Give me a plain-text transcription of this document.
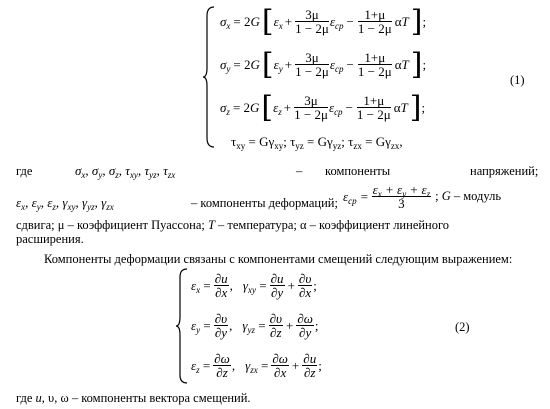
$\sigma_x = 2G$ [ $\varepsilon_x + \frac{3\mu}{1 - 2\mu} \varepsilon_{ср} - \frac{1+\mu}{1 - 2\mu}$ αT ] ;
$\sigma_y = 2G$ [ $\varepsilon_y + \frac{3\mu}{1 - 2\mu} \varepsilon_{ср} - \frac{1+\mu}{1 - 2\mu}$ αT ] ;
$\sigma_z = 2G$ [ $\varepsilon_z + \frac{3\mu}{1 - 2\mu} \varepsilon_{ср} - \frac{1+\mu}{1 - 2\mu}$ αT ] ;
$\tau_{xy} = G\gamma_{xy}$; $\tau_{yz} = G\gamma_{yz}$; $\tau_{zx} = G\gamma_{zx}$,
(1)
где	$\sigma_x$, $\sigma_y$, $\sigma_z$, $\tau_{xy}$, $\tau_{yz}$, $\tau_{zx}$	– компоненты	напряжений;
$\varepsilon_x$, $\varepsilon_y$, $\varepsilon_z$, $\gamma_{xy}$, $\gamma_{yz}$, $\gamma_{zx}$	– компоненты деформаций; $\varepsilon_{ср} = \frac{\varepsilon_x + \varepsilon_y + \varepsilon_z}{3}$ ; G – модуль
сдвига; μ – коэффициент Пуассона; T – температура; α – коэффициент линейного
расширения.
Компоненты деформации связаны с компонентами смещений следующим выражением:
$\varepsilon_x = \frac{\partial u}{\partial x}$ , $\gamma_{xy} = \frac{\partial u}{\partial y} + \frac{\partial\upsilon}{\partial x}$ ;
$\varepsilon_y = \frac{\partial\upsilon}{\partial y}$ , $\gamma_{yz} = \frac{\partial\upsilon}{\partial z} + \frac{\partial\omega}{\partial y}$ ;
$\varepsilon_z = \frac{\partial\omega}{\partial z}$ , $\gamma_{zx} = \frac{\partial\omega}{\partial x} + \frac{\partial u}{\partial z}$ ;
(2)
где u, υ, ω – компоненты вектора смещений.
